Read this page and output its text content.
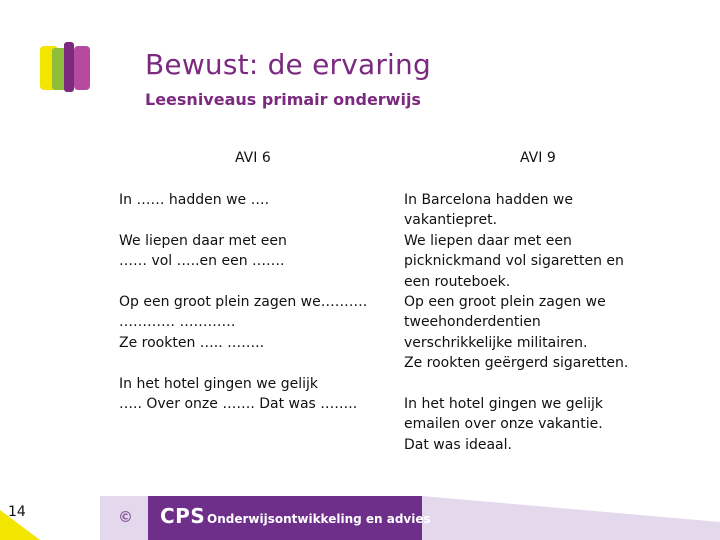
Bewust: de ervaring
Leesniveaus primair onderwijs
AVI 6	AVI 9
In …… hadden we ….
We liepen daar met een
…… vol …..en een …….
Op een groot plein zagen we……….
………… …………
Ze rookten ….. ……..
In het hotel gingen we gelijk
….. Over onze ……. Dat was ……..
In Barcelona hadden we
vakantiepret.
We liepen daar met een
picknickmand vol sigaretten en
een routeboek.
Op een groot plein zagen we
tweehonderdentien
verschrikkelijke militairen.
Ze rookten geërgerd sigaretten.
In het hotel gingen we gelijk
emailen over onze vakantie.
Dat was ideaal.
14	© CPS Onderwijsontwikkeling en advies
